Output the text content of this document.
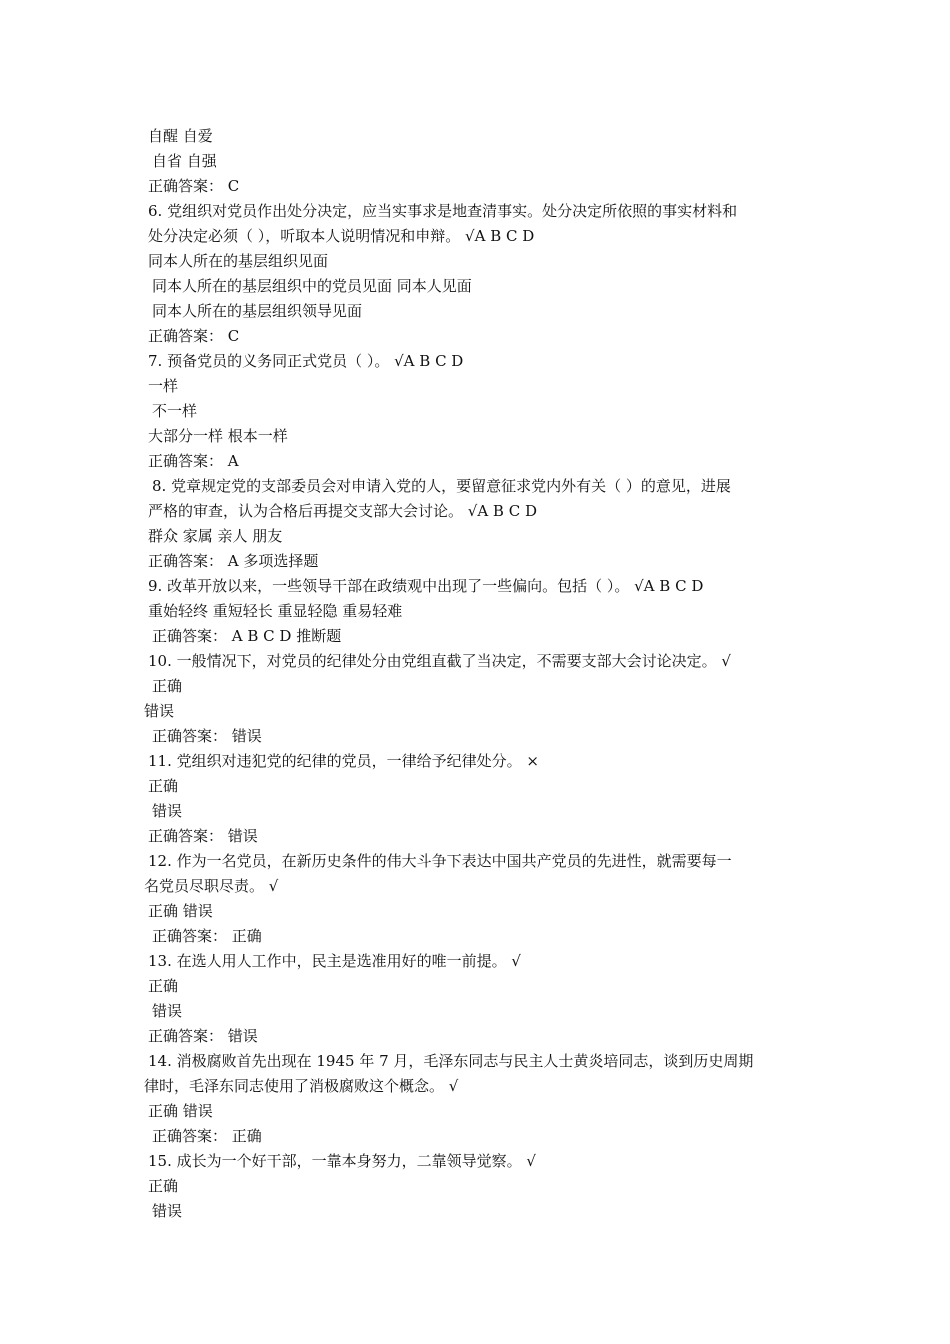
自醒 自爱
自省 自强
正确答案： C
6. 党组织对党员作出处分决定，应当实事求是地查清事实。处分决定所依照的事实材料和
处分决定必须（ ），听取本人说明情况和申辩。 √A B C D
同本人所在的基层组织见面
同本人所在的基层组织中的党员见面 同本人见面
同本人所在的基层组织领导见面
正确答案： C
7. 预备党员的义务同正式党员（ ）。 √A B C D
一样
不一样
大部分一样 根本一样
正确答案： A
8. 党章规定党的支部委员会对申请入党的人，要留意征求党内外有关（ ）的意见，进展
严格的审查，认为合格后再提交支部大会讨论。 √A B C D
群众 家属 亲人 朋友
正确答案： A 多项选择题
9. 改革开放以来，一些领导干部在政绩观中出现了一些偏向。包括（ ）。 √A B C D
重始轻终 重短轻长 重显轻隐 重易轻难
正确答案： A B C D 推断题
10. 一般情况下，对党员的纪律处分由党组直截了当决定，不需要支部大会讨论决定。 √
正确
错误
正确答案： 错误
11. 党组织对违犯党的纪律的党员，一律给予纪律处分。 ×
正确
错误
正确答案： 错误
12. 作为一名党员，在新历史条件的伟大斗争下表达中国共产党员的先进性，就需要每一
名党员尽职尽责。 √
正确 错误
正确答案： 正确
13. 在选人用人工作中，民主是选准用好的唯一前提。 √
正确
错误
正确答案： 错误
14. 消极腐败首先出现在 1945 年 7 月，毛泽东同志与民主人士黄炎培同志，谈到历史周期
律时，毛泽东同志使用了消极腐败这个概念。 √
正确 错误
正确答案： 正确
15. 成长为一个好干部，一靠本身努力，二靠领导觉察。 √
正确
错误
